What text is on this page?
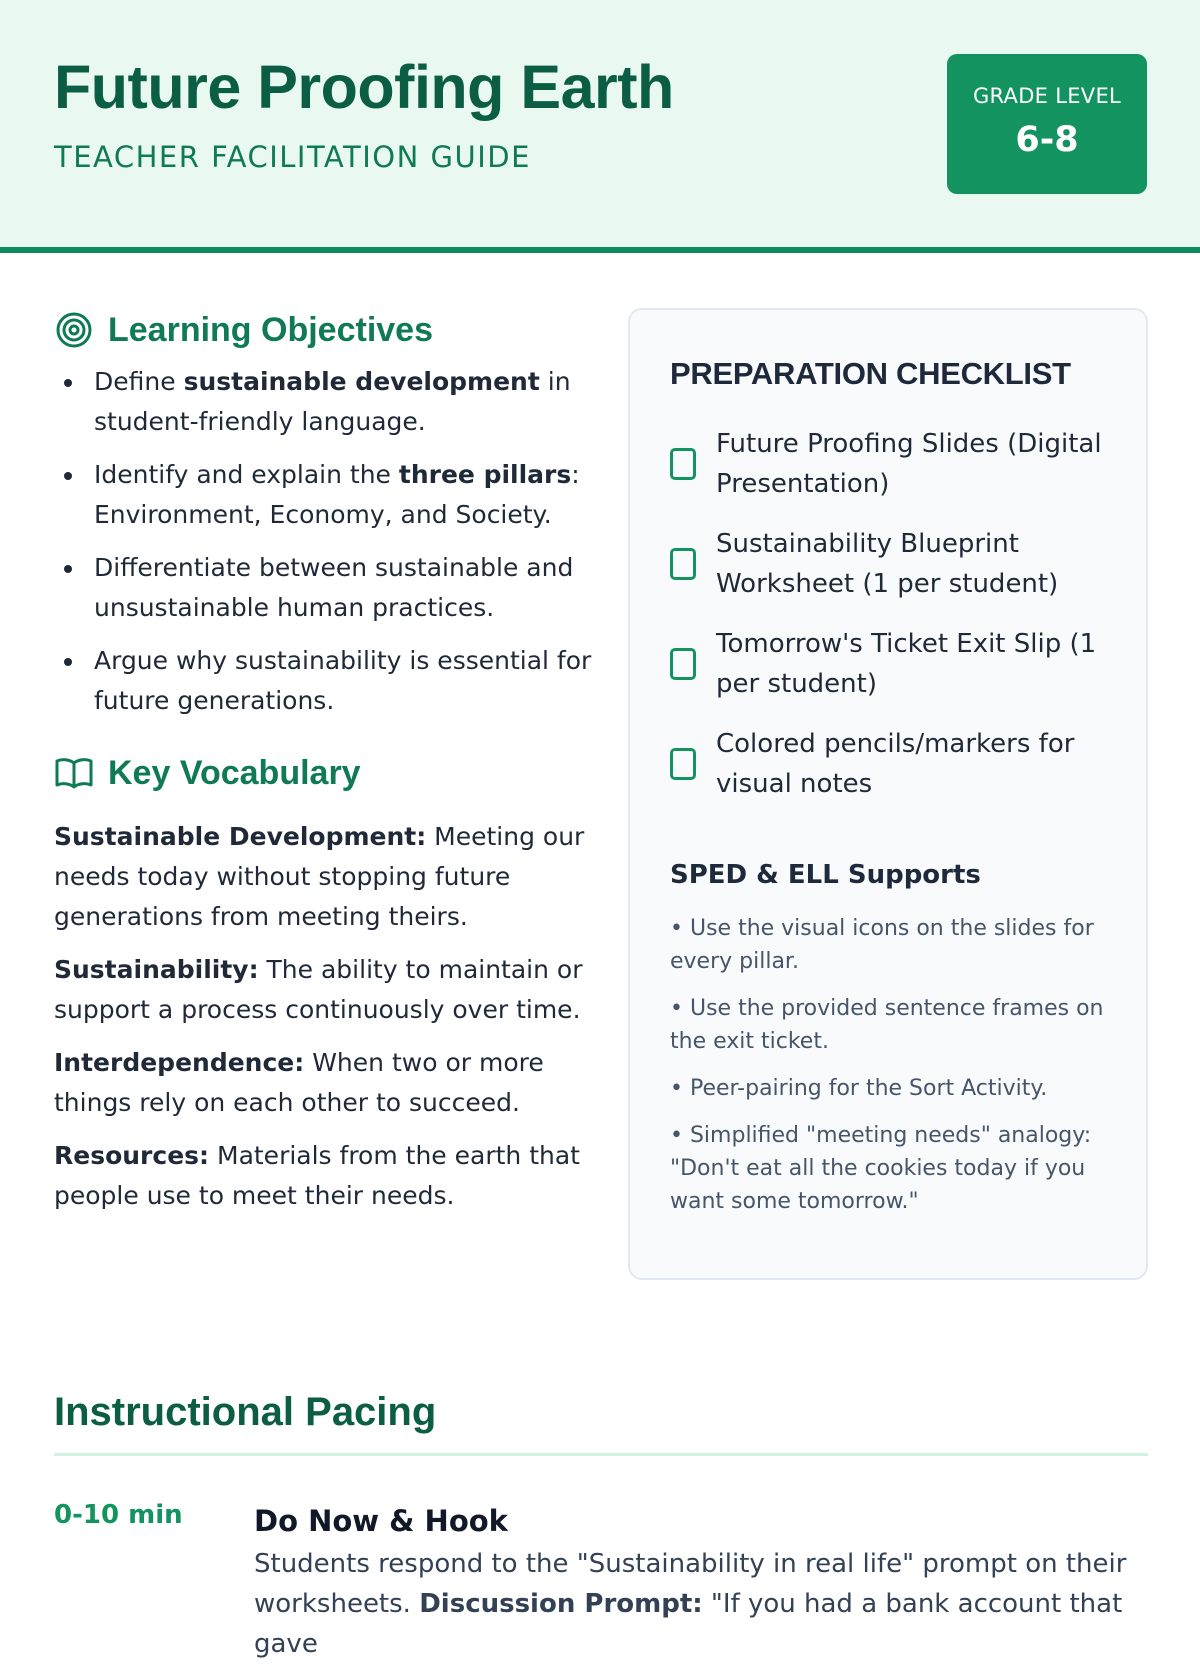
Future Proofing Earth
TEACHER FACILITATION GUIDE
GRADE LEVEL
6-8
Learning Objectives
Define sustainable development in student-friendly language.
Identify and explain the three pillars: Environment, Economy, and Society.
Differentiate between sustainable and unsustainable human practices.
Argue why sustainability is essential for future generations.
Key Vocabulary
Sustainable Development: Meeting our needs today without stopping future generations from meeting theirs.
Sustainability: The ability to maintain or support a process continuously over time.
Interdependence: When two or more things rely on each other to succeed.
Resources: Materials from the earth that people use to meet their needs.
PREPARATION CHECKLIST
Future Proofing Slides (Digital Presentation)
Sustainability Blueprint Worksheet (1 per student)
Tomorrow's Ticket Exit Slip (1 per student)
Colored pencils/markers for visual notes
SPED & ELL Supports
• Use the visual icons on the slides for every pillar.
• Use the provided sentence frames on the exit ticket.
• Peer-pairing for the Sort Activity.
• Simplified "meeting needs" analogy: "Don't eat all the cookies today if you want some tomorrow."
Instructional Pacing
0-10 min Do Now & Hook
Students respond to the "Sustainability in real life" prompt on their worksheets. Discussion Prompt: "If you had a bank account that gave
